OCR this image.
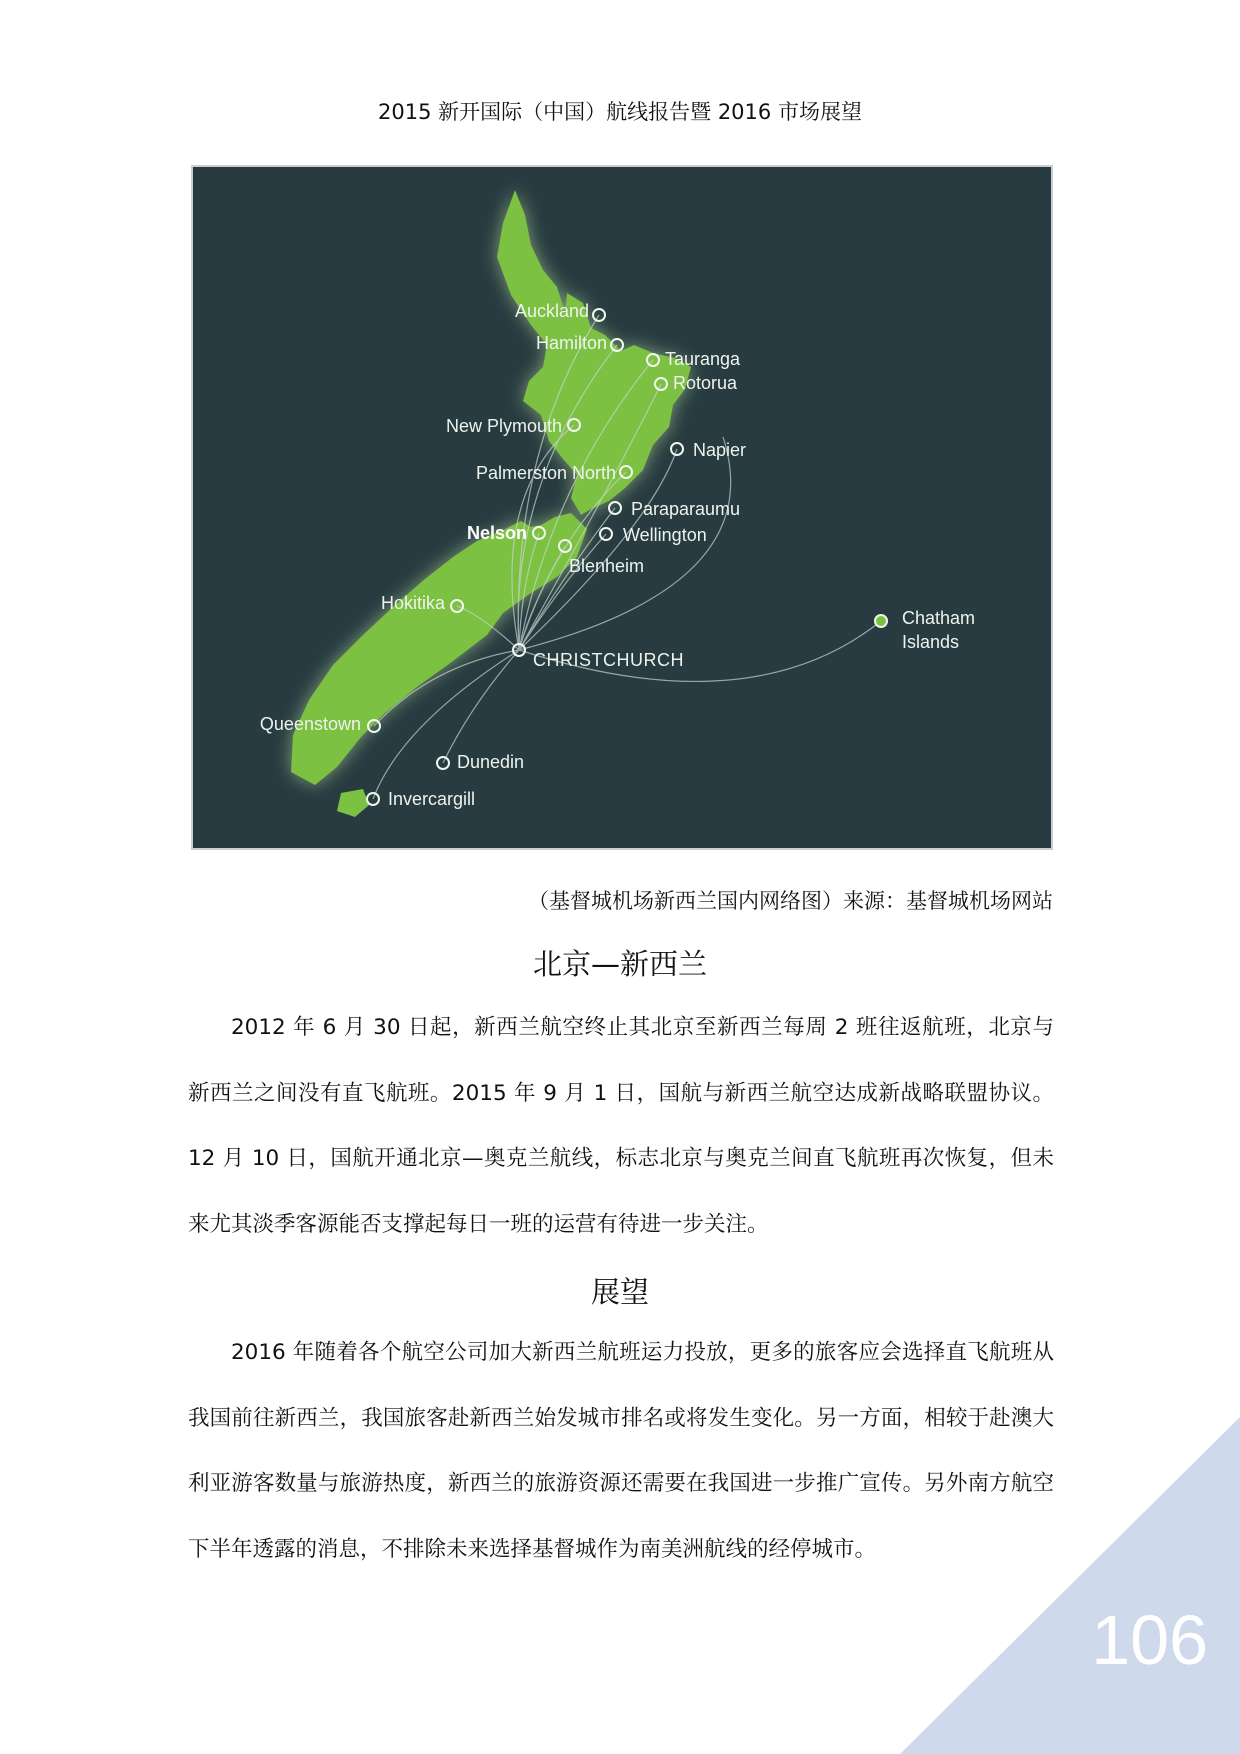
2015 新开国际（中国）航线报告暨 2016 市场展望
Auckland
Hamilton
Tauranga
Rotorua
New Plymouth
Napier
Palmerston North
Paraparaumu
Nelson	Wellington
Blenheim
Hokitika
Chatham
Islands
CHRISTCHURCH
Queenstown
Dunedin
Invercargill
（基督城机场新西兰国内网络图）来源：基督城机场网站
北京—新西兰

2012 年 6 月 30 日起，新西兰航空终止其北京至新西兰每周 2 班往返航班，北京与新西兰之间没有直飞航班。2015 年 9 月 1 日，国航与新西兰航空达成新战略联盟协议。12 月 10 日，国航开通北京—奥克兰航线，标志北京与奥克兰间直飞航班再次恢复，但未来尤其淡季客源能否支撑起每日一班的运营有待进一步关注。

展望

2016 年随着各个航空公司加大新西兰航班运力投放，更多的旅客应会选择直飞航班从我国前往新西兰，我国旅客赴新西兰始发城市排名或将发生变化。另一方面，相较于赴澳大利亚游客数量与旅游热度，新西兰的旅游资源还需要在我国进一步推广宣传。另外南方航空下半年透露的消息，不排除未来选择基督城作为南美洲航线的经停城市。

106
